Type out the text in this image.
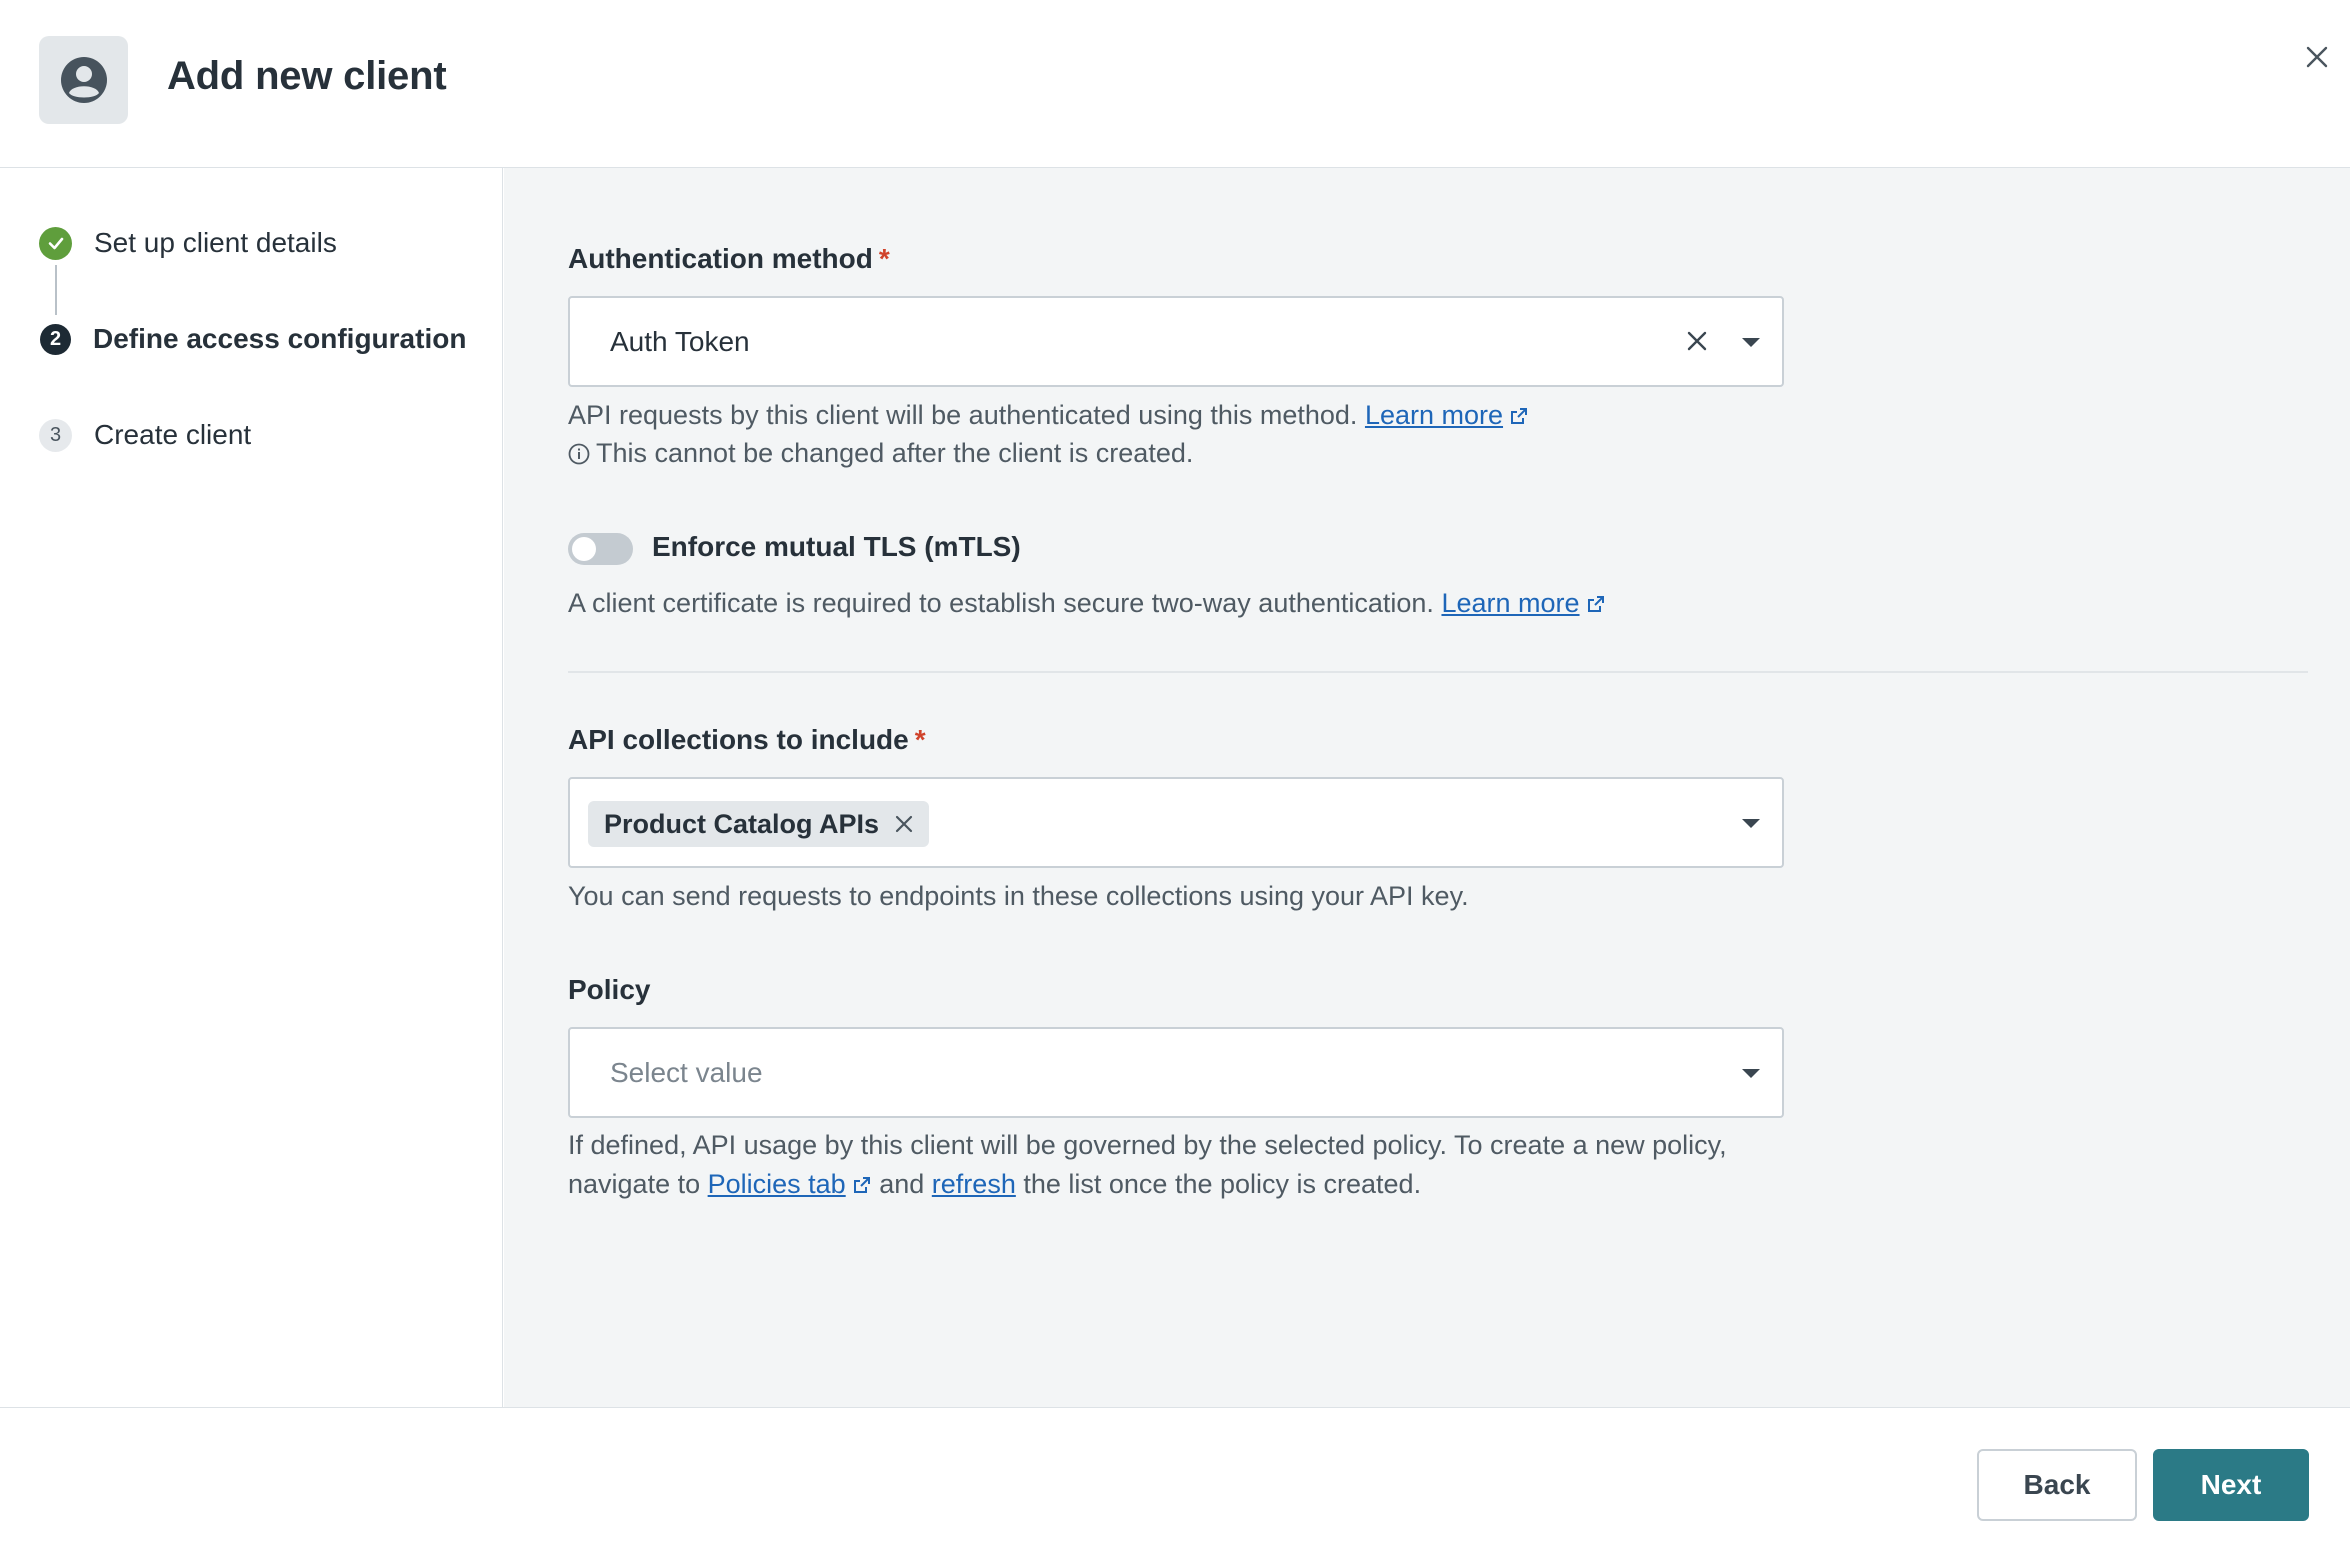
Add new client
Set up client details
2	Define access configuration
3	Create client
Authentication method *
Auth Token
API requests by this client will be authenticated using this method. Learn more
This cannot be changed after the client is created.
Enforce mutual TLS (mTLS)
A client certificate is required to establish secure two-way authentication. Learn more
API collections to include *
Product Catalog APIs
You can send requests to endpoints in these collections using your API key.
Policy
Select value
If defined, API usage by this client will be governed by the selected policy. To create a new policy,
navigate to Policies tab and refresh the list once the policy is created.
Back	Next
